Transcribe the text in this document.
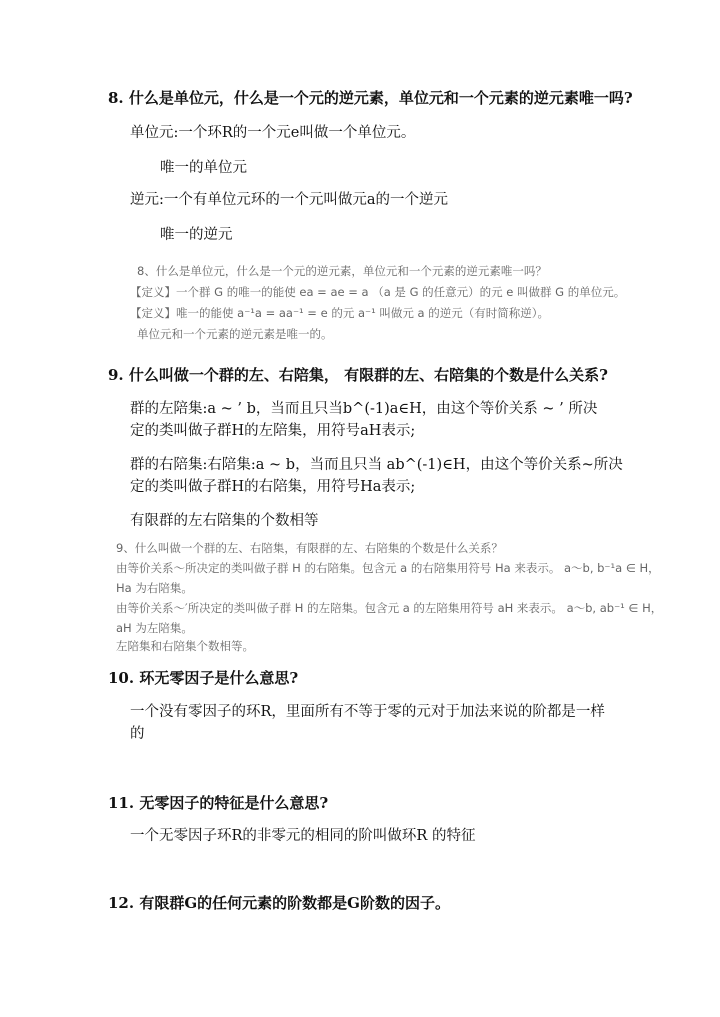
8. 什么是单位元，什么是一个元的逆元素，单位元和一个元素的逆元素唯一吗?
单位元:一个环R的一个元e叫做一个单位元。
唯一的单位元
逆元:一个有单位元环的一个元叫做元a的一个逆元
唯一的逆元
8、什么是单位元，什么是一个元的逆元素，单位元和一个元素的逆元素唯一吗？
【定义】一个群 G 的唯一的能使 ea = ae = a （a 是 G 的任意元）的元 e 叫做群 G 的单位元。
【定义】唯一的能使 a⁻¹a = aa⁻¹ = e 的元 a⁻¹ 叫做元 a 的逆元（有时简称逆）。
单位元和一个元素的逆元素是唯一的。
9. 什么叫做一个群的左、右陪集， 有限群的左、右陪集的个数是什么关系?
群的左陪集:a ~ ’ b，当而且只当b^(-1)a∈H，由这个等价关系 ~ ’ 所决
定的类叫做子群H的左陪集，用符号aH表示;
群的右陪集:右陪集:a ~ b，当而且只当 ab^(-1)∈H，由这个等价关系~所决
定的类叫做子群H的右陪集，用符号Ha表示;
有限群的左右陪集的个数相等
9、什么叫做一个群的左、右陪集，有限群的左、右陪集的个数是什么关系？
由等价关系～所决定的类叫做子群 H 的右陪集。包含元 a 的右陪集用符号 Ha 来表示。 a～b, b⁻¹a ∈ H，
Ha 为右陪集。
由等价关系～′所决定的类叫做子群 H 的左陪集。包含元 a 的左陪集用符号 aH 来表示。 a～b, ab⁻¹ ∈ H，
aH 为左陪集。
左陪集和右陪集个数相等。
10. 环无零因子是什么意思?
一个没有零因子的环R，里面所有不等于零的元对于加法来说的阶都是一样
的
11. 无零因子的特征是什么意思?
一个无零因子环R的非零元的相同的阶叫做环R 的特征
12. 有限群G的任何元素的阶数都是G阶数的因子。
